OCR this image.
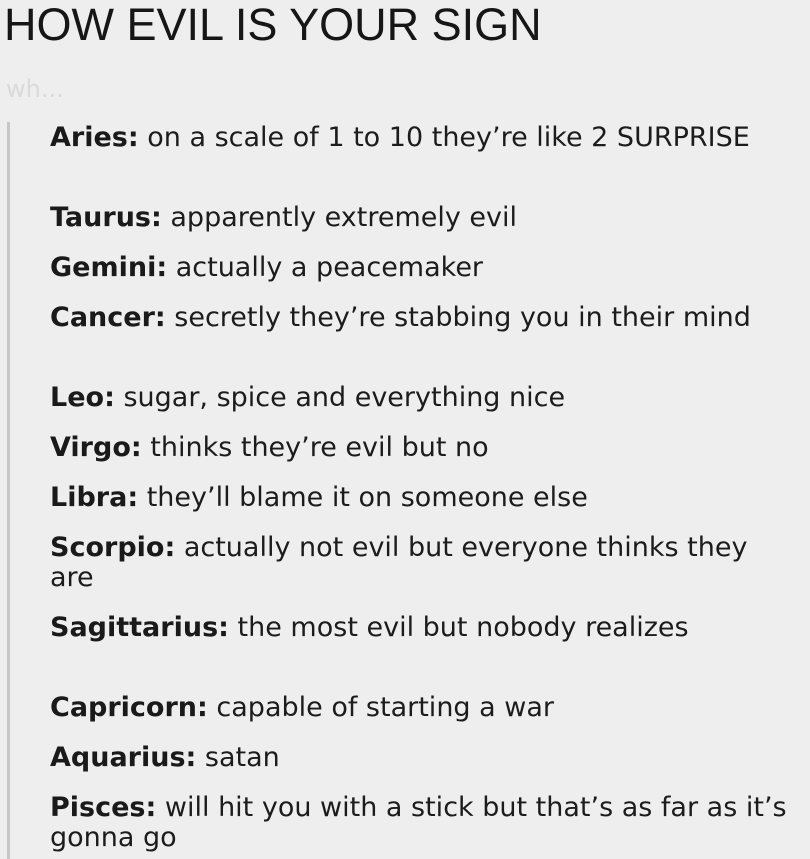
HOW EVIL IS YOUR SIGN
wh...
Aries: on a scale of 1 to 10 they’re like 2 SURPRISE
Taurus: apparently extremely evil
Gemini: actually a peacemaker
Cancer: secretly they’re stabbing you in their mind
Leo: sugar, spice and everything nice
Virgo: thinks they’re evil but no
Libra: they’ll blame it on someone else
Scorpio: actually not evil but everyone thinks they are
Sagittarius: the most evil but nobody realizes
Capricorn: capable of starting a war
Aquarius: satan
Pisces: will hit you with a stick but that’s as far as it’s gonna go
